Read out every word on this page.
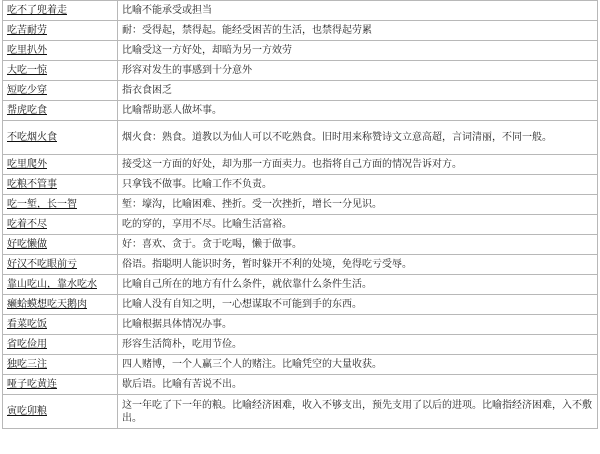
吃不了兜着走	比喻不能承受或担当
吃苦耐劳	耐：受得起，禁得起。能经受困苦的生活，也禁得起劳累
吃里扒外	比喻受这一方好处，却暗为另一方效劳
大吃一惊	形容对发生的事感到十分意外
短吃少穿	指衣食困乏
帮虎吃食	比喻帮助恶人做坏事。
不吃烟火食	烟火食：熟食。道教以为仙人可以不吃熟食。旧时用来称赞诗文立意高超，言词清丽，不同一般。
吃里爬外	接受这一方面的好处，却为那一方面卖力。也指将自己方面的情况告诉对方。
吃粮不管事	只拿钱不做事。比喻工作不负责。
吃一堑，长一智	堑：壕沟，比喻困难、挫折。受一次挫折，增长一分见识。
吃着不尽	吃的穿的，享用不尽。比喻生活富裕。
好吃懒做	好：喜欢、贪于。贪于吃喝，懒于做事。
好汉不吃眼前亏	俗语。指聪明人能识时务，暂时躲开不利的处境，免得吃亏受辱。
靠山吃山，靠水吃水	比喻自己所在的地方有什么条件，就依靠什么条件生活。
癞蛤蟆想吃天鹅肉	比喻人没有自知之明，一心想谋取不可能到手的东西。
看菜吃饭	比喻根据具体情况办事。
省吃俭用	形容生活简朴，吃用节俭。
独吃三注	四人赌博，一个人赢三个人的赌注。比喻凭空的大量收获。
哑子吃黄连	歇后语。比喻有苦说不出。
寅吃卯粮	这一年吃了下一年的粮。比喻经济困难，收入不够支出，预先支用了以后的进项。比喻指经济困难，入不敷出。
